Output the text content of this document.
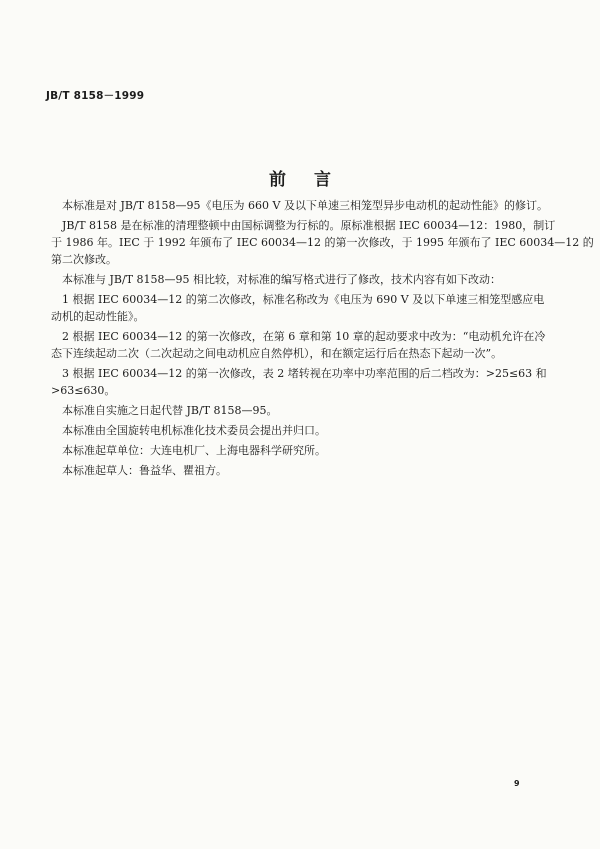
JB/T 8158－1999
前言
本标准是对 JB/T 8158—95《电压为 660 V 及以下单速三相笼型异步电动机的起动性能》的修订。
JB/T 8158 是在标准的清理整顿中由国标调整为行标的。原标准根据 IEC 60034—12：1980，制订
于 1986 年。IEC 于 1992 年颁布了 IEC 60034—12 的第一次修改，于 1995 年颁布了 IEC 60034—12 的
第二次修改。
本标准与 JB/T 8158—95 相比较，对标准的编写格式进行了修改，技术内容有如下改动：
1 根据 IEC 60034—12 的第二次修改，标准名称改为《电压为 690 V 及以下单速三相笼型感应电
动机的起动性能》。
2 根据 IEC 60034—12 的第一次修改，在第 6 章和第 10 章的起动要求中改为：“电动机允许在冷
态下连续起动二次（二次起动之间电动机应自然停机），和在额定运行后在热态下起动一次”。
3 根据 IEC 60034—12 的第一次修改，表 2 堵转视在功率中功率范围的后二档改为：>25≤63 和
>63≤630。
本标准自实施之日起代替 JB/T 8158—95。
本标准由全国旋转电机标准化技术委员会提出并归口。
本标准起草单位：大连电机厂、上海电器科学研究所。
本标准起草人：鲁益华、瞿祖方。
9
